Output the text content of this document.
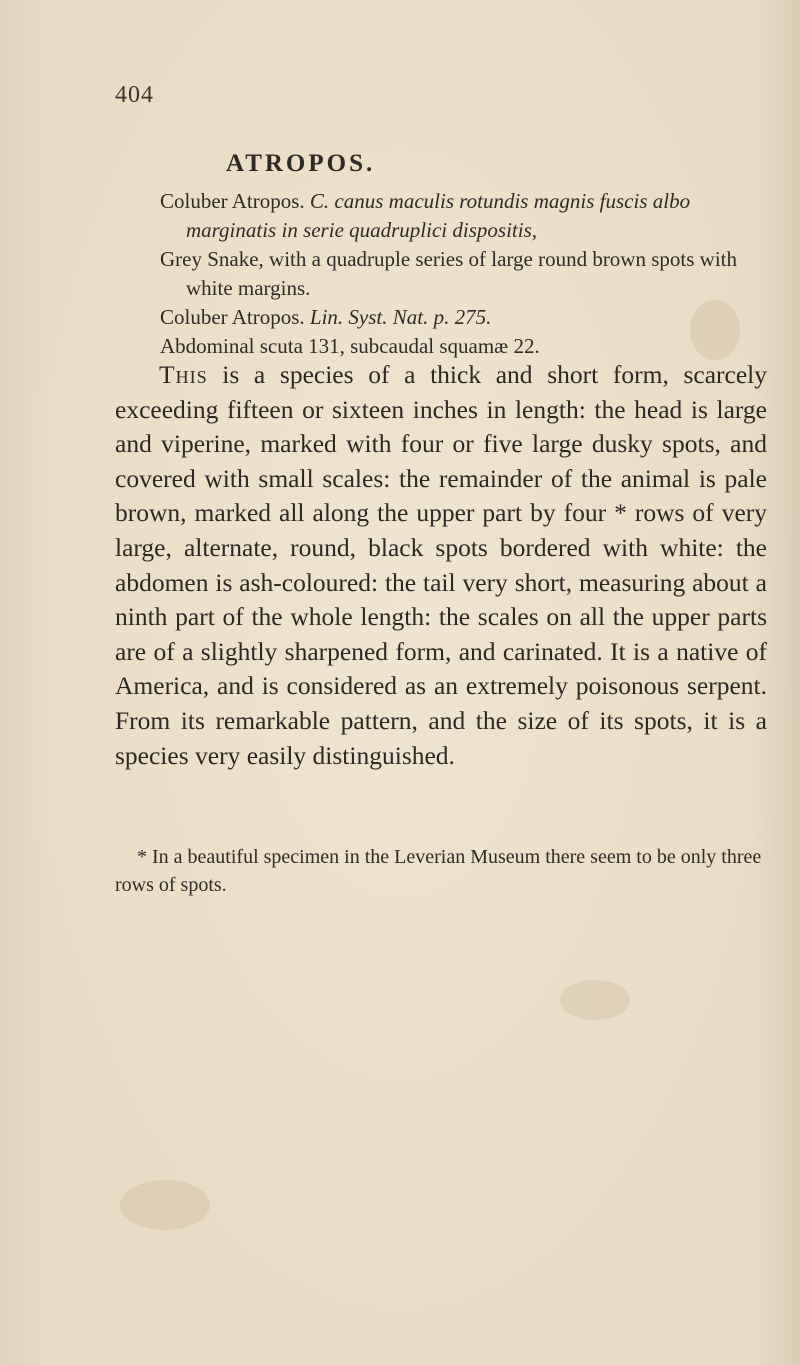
404
ATROPOS.

Coluber Atropos. C. canus maculis rotundis magnis fuscis albo marginatis in serie quadruplici dispositis,

Grey Snake, with a quadruple series of large round brown spots with white margins.

Coluber Atropos. Lin. Syst. Nat. p. 275.

Abdominal scuta 131, subcaudal squamæ 22.

This is a species of a thick and short form, scarcely exceeding fifteen or sixteen inches in length: the head is large and viperine, marked with four or five large dusky spots, and covered with small scales: the remainder of the animal is pale brown, marked all along the upper part by four * rows of very large, alternate, round, black spots bordered with white: the abdomen is ash-coloured: the tail very short, measuring about a ninth part of the whole length: the scales on all the upper parts are of a slightly sharpened form, and carinated. It is a native of America, and is considered as an extremely poisonous serpent. From its remarkable pattern, and the size of its spots, it is a species very easily distinguished.

* In a beautiful specimen in the Leverian Museum there seem to be only three rows of spots.
